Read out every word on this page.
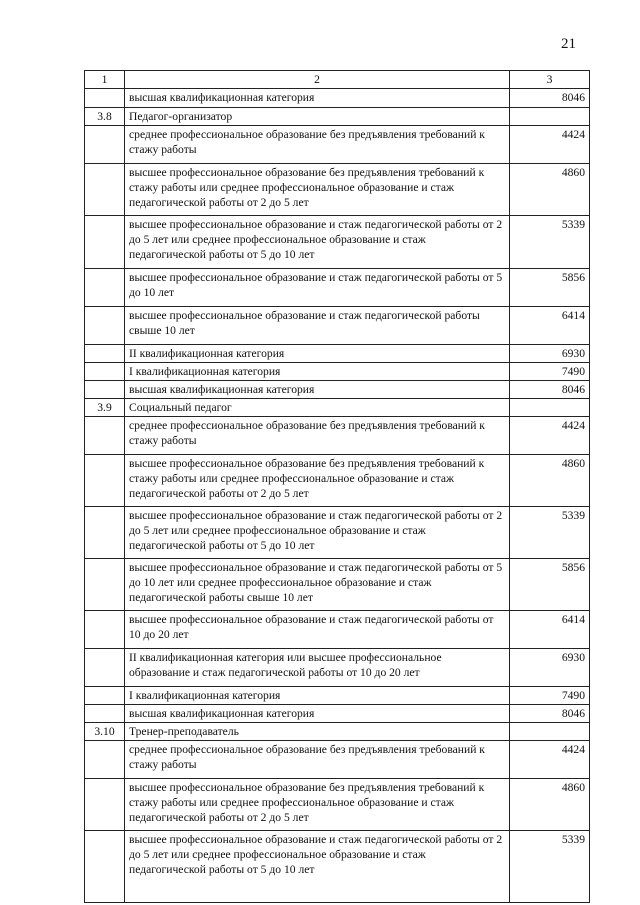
21
1	2	3
	высшая квалификационная категория	8046
3.8	Педагог-организатор	
	среднее профессиональное образование без предъявления требований к стажу работы	4424
	высшее профессиональное образование без предъявления требований к стажу работы или среднее профессиональное образование и стаж педагогической работы от 2 до 5 лет	4860
	высшее профессиональное образование и стаж педагогической работы от 2 до 5 лет или среднее профессиональное образование и стаж педагогической работы от 5 до 10 лет	5339
	высшее профессиональное образование и стаж педагогической работы от 5 до 10 лет	5856
	высшее профессиональное образование и стаж педагогической работы свыше 10 лет	6414
	II квалификационная категория	6930
	I квалификационная категория	7490
	высшая квалификационная категория	8046
3.9	Социальный педагог	
	среднее профессиональное образование без предъявления требований к стажу работы	4424
	высшее профессиональное образование без предъявления требований к стажу работы или среднее профессиональное образование и стаж педагогической работы от 2 до 5 лет	4860
	высшее профессиональное образование и стаж педагогической работы от 2 до 5 лет или среднее профессиональное образование и стаж педагогической работы от 5 до 10 лет	5339
	высшее профессиональное образование и стаж педагогической работы от 5 до 10 лет или среднее профессиональное образование и стаж педагогической работы свыше 10 лет	5856
	высшее профессиональное образование и стаж педагогической работы от 10 до 20 лет	6414
	II квалификационная категория или высшее профессиональное образование и стаж педагогической работы от 10 до 20 лет	6930
	I квалификационная категория	7490
	высшая квалификационная категория	8046
3.10	Тренер-преподаватель	
	среднее профессиональное образование без предъявления требований к стажу работы	4424
	высшее профессиональное образование без предъявления требований к стажу работы или среднее профессиональное образование и стаж педагогической работы от 2 до 5 лет	4860
	высшее профессиональное образование и стаж педагогической работы от 2 до 5 лет или среднее профессиональное образование и стаж педагогической работы от 5 до 10 лет	5339
